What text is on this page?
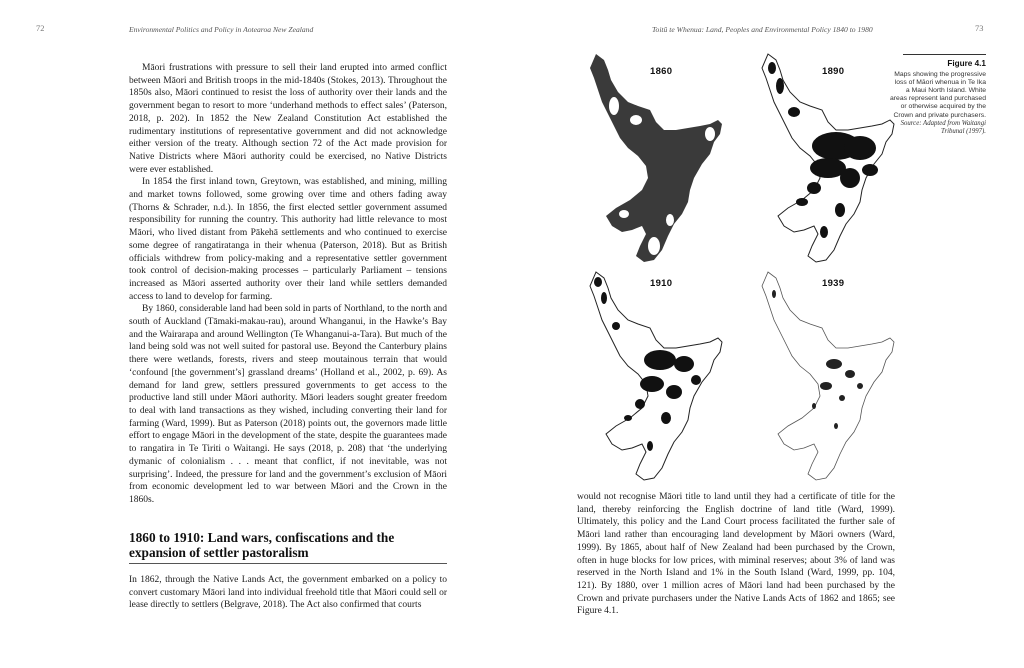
72	Environmental Politics and Policy in Aotearoa New Zealand

Māori frustrations with pressure to sell their land erupted into armed conflict between Māori and British troops in the mid-1840s (Stokes, 2013). Throughout the 1850s also, Māori continued to resist the loss of authority over their lands and the government began to resort to more ‘underhand methods to effect sales’ (Paterson, 2018, p. 202). In 1852 the New Zealand Constitution Act established the rudimentary institutions of representative government and did not acknowledge either version of the treaty. Although section 72 of the Act made provision for Native Districts where Māori authority could be exercised, no Native Districts were ever established.

In 1854 the first inland town, Greytown, was established, and mining, milling and market towns followed, some growing over time and others fading away (Thorns & Schrader, n.d.). In 1856, the first elected settler government assumed responsibility for running the country. This authority had little relevance to most Māori, who lived distant from Pākehā settlements and who continued to exercise some degree of rangatiratanga in their whenua (Paterson, 2018). But as British officials withdrew from policy-making and a representative settler government took control of decision-making processes – particularly Parliament – tensions increased as Māori asserted authority over their land while settlers demanded access to land to develop for farming.

By 1860, considerable land had been sold in parts of Northland, to the north and south of Auckland (Tāmaki-makau-rau), around Whanganui, in the Hawke’s Bay and the Wairarapa and around Wellington (Te Whanganui-a-Tara). But much of the land being sold was not well suited for pastoral use. Beyond the Canterbury plains there were wetlands, forests, rivers and steep moutainous terrain that would ‘confound [the government’s] grassland dreams’ (Holland et al., 2002, p. 69). As demand for land grew, settlers pressured governments to get access to the productive land still under Māori authority. Māori leaders sought greater freedom to deal with land transactions as they wished, including converting their land for farming (Ward, 1999). But as Paterson (2018) points out, the governors made little effort to engage Māori in the development of the state, despite the guarantees made to rangatira in Te Tiriti o Waitangi. He says (2018, p. 208) that ‘the underlying dymanic of colonialism . . . meant that conflict, if not inevitable, was not surprising’. Indeed, the pressure for land and the government’s exclusion of Māori from economic development led to war between Māori and the Crown in the 1860s.

1860 to 1910: Land wars, confiscations and the expansion of settler pastoralism

In 1862, through the Native Lands Act, the government embarked on a policy to convert customary Māori land into individual freehold title that Māori could sell or lease directly to settlers (Belgrave, 2018). The Act also confirmed that courts

Toitū te Whenua: Land, Peoples and Environmental Policy 1840 to 1980	73
Figure 4.1
Maps showing the progressive loss of Māori whenua in Te Ika a Maui North Island. White areas represent land purchased or otherwise acquired by the Crown and private purchasers.
Source: Adapted from Waitangi Tribunal (1997).
1860	1890
1910	1939

would not recognise Māori title to land until they had a certificate of title for the land, thereby reinforcing the English doctrine of land title (Ward, 1999). Ultimately, this policy and the Land Court process facilitated the further sale of Māori land rather than encouraging land development by Māori owners (Ward, 1999). By 1865, about half of New Zealand had been purchased by the Crown, often in huge blocks for low prices, with miminal reserves; about 3% of land was reserved in the North Island and 1% in the South Island (Ward, 1999, pp. 104, 121). By 1880, over 1 million acres of Māori land had been purchased by the Crown and private purchasers under the Native Lands Acts of 1862 and 1865; see Figure 4.1.
